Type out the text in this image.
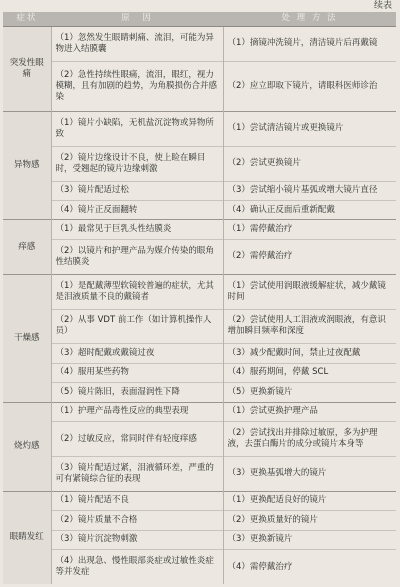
续表
症状	原　因	处 理 方 法
突发性眼痛	（1）忽然发生眼睛刺痛、流泪，可能为异物进入结膜囊	（1）摘镜冲洗镜片，清洁镜片后再戴镜
	（2）急性持续性眼痛，流泪，眼红，视力模糊，且有加剧的趋势，为角膜损伤合并感染	（2）应立即取下镜片，请眼科医师诊治
异物感	（1）镜片小缺陷，无机盐沉淀物或异物所致	（1）尝试清洁镜片或更换镜片
	（2）镜片边缘设计不良，使上睑在瞬目时，受翘起的镜片边缘刺激	（2）尝试更换镜片
	（3）镜片配适过松	（3）尝试缩小镜片基弧或增大镜片直径
	（4）镜片正反面翻转	（4）确认正反面后重新配戴
痒感	（1）最常见于巨乳头性结膜炎	（1）需停戴治疗
	（2）以镜片和护理产品为媒介传染的眼角性结膜炎	（2）需停戴治疗
干燥感	（1）是配戴薄型软镜较普遍的症状，尤其是泪液质量不良的戴镜者	（1）尝试使用润眼液缓解症状，减少戴镜时间
	（2）从事 VDT 前工作（如计算机操作人员）	（2）尝试使用人工泪液或润眼液，有意识增加瞬目频率和深度
	（3）超时配戴或戴镜过夜	（3）减少配戴时间，禁止过夜配戴
	（4）服用某些药物	（4）服药期间，停戴 SCL
	（5）镜片陈旧，表面湿润性下降	（5）更换新镜片
烧灼感	（1）护理产品毒性反应的典型表现	（1）尝试更换护理产品
	（2）过敏反应，常同时伴有轻度痒感	（2）尝试找出并排除过敏原，多为护理液，去蛋白酶片的成分或镜片本身等
	（3）镜片配适过紧，泪液循环差，严重的可有紧镜综合征的表现	（3）更换基弧增大的镜片
眼睛发红	（1）镜片配适不良	（1）更换配适良好的镜片
	（2）镜片质量不合格	（2）更换质量好的镜片
	（3）镜片沉淀物刺激	（3）更换新镜片
	（4）出现急、慢性眼部炎症或过敏性炎症等并发症	（4）需停戴治疗
